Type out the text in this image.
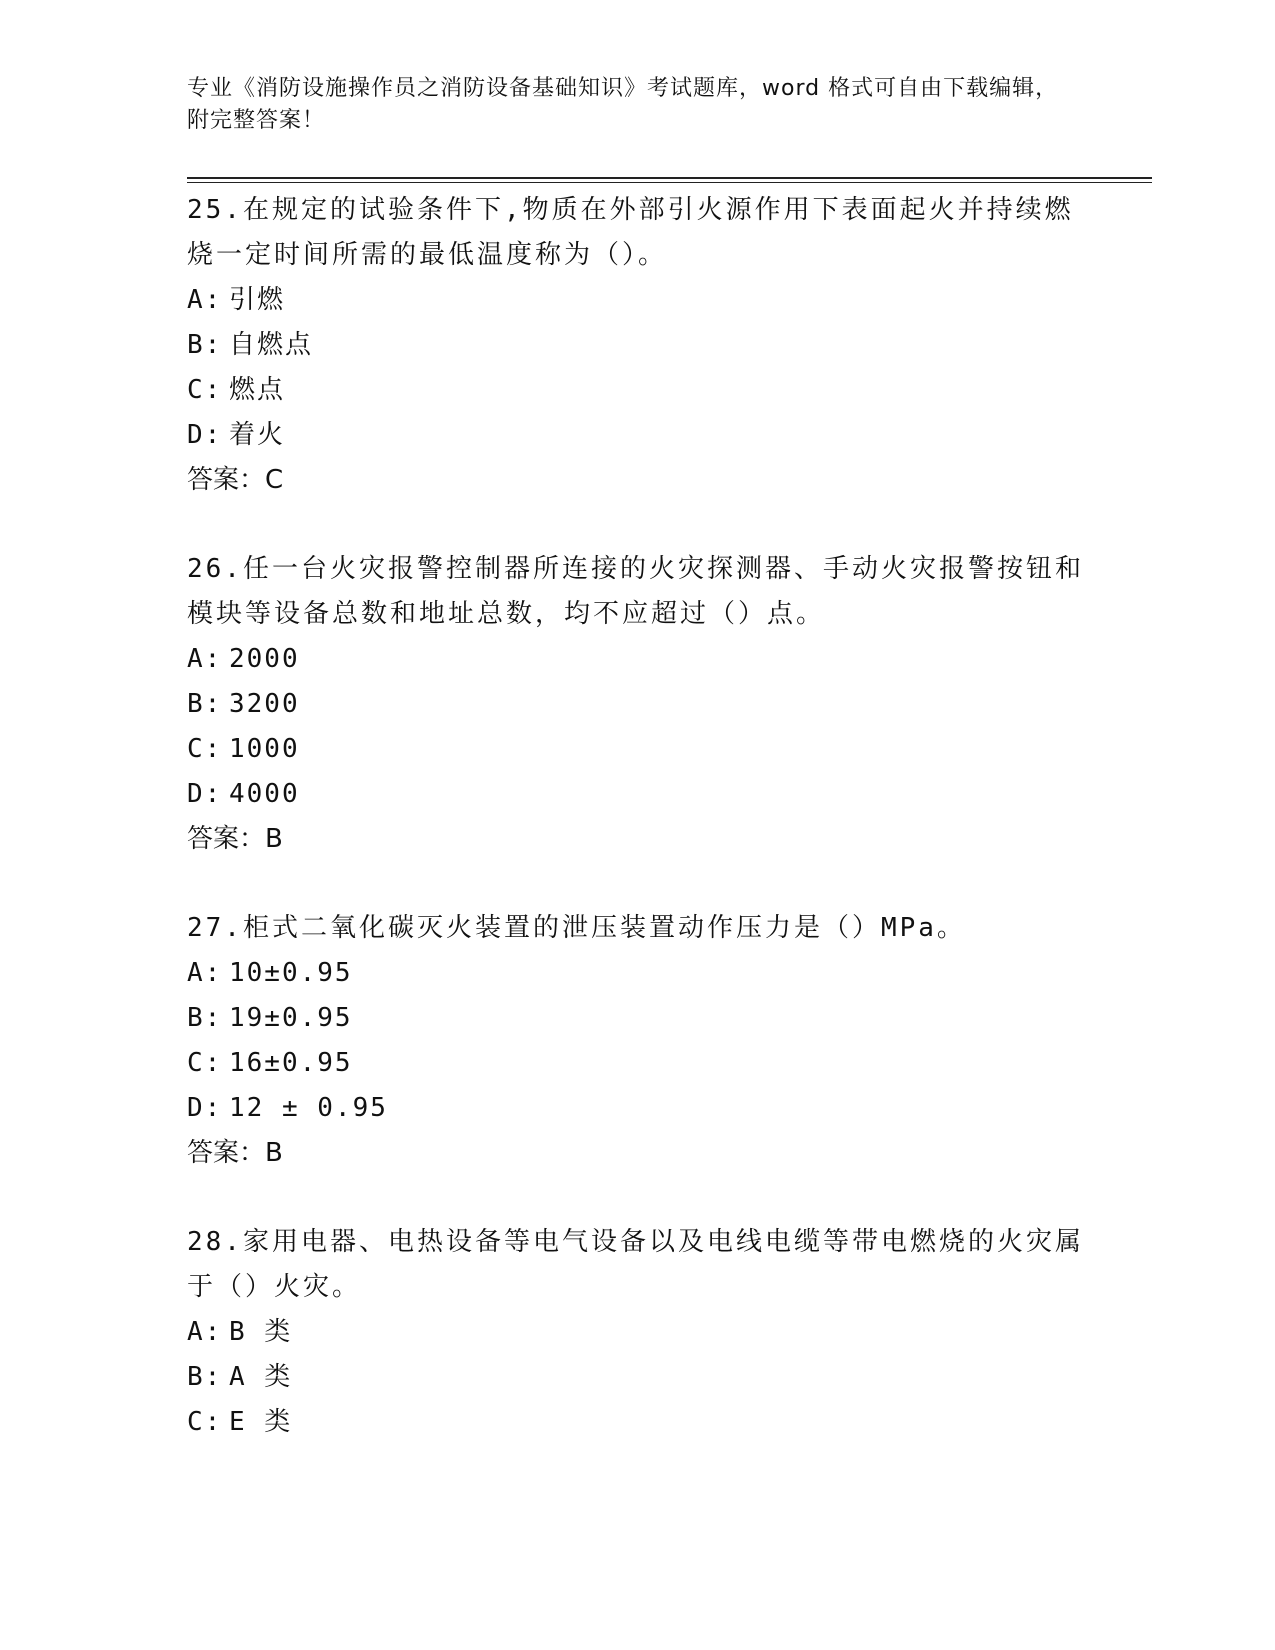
专业《消防设施操作员之消防设备基础知识》考试题库，word 格式可自由下载编辑，附完整答案！
25.在规定的试验条件下,物质在外部引火源作用下表面起火并持续燃烧一定时间所需的最低温度称为（）。
A: 引燃
B: 自燃点
C: 燃点
D: 着火
答案：C
26.任一台火灾报警控制器所连接的火灾探测器、手动火灾报警按钮和模块等设备总数和地址总数，均不应超过（）点。
A: 2000
B: 3200
C: 1000
D: 4000
答案：B
27.柜式二氧化碳灭火装置的泄压装置动作压力是（）MPa。
A: 10±0.95
B: 19±0.95
C: 16±0.95
D: 12 ± 0.95
答案：B
28.家用电器、电热设备等电气设备以及电线电缆等带电燃烧的火灾属于（）火灾。
A: B 类
B: A 类
C: E 类
